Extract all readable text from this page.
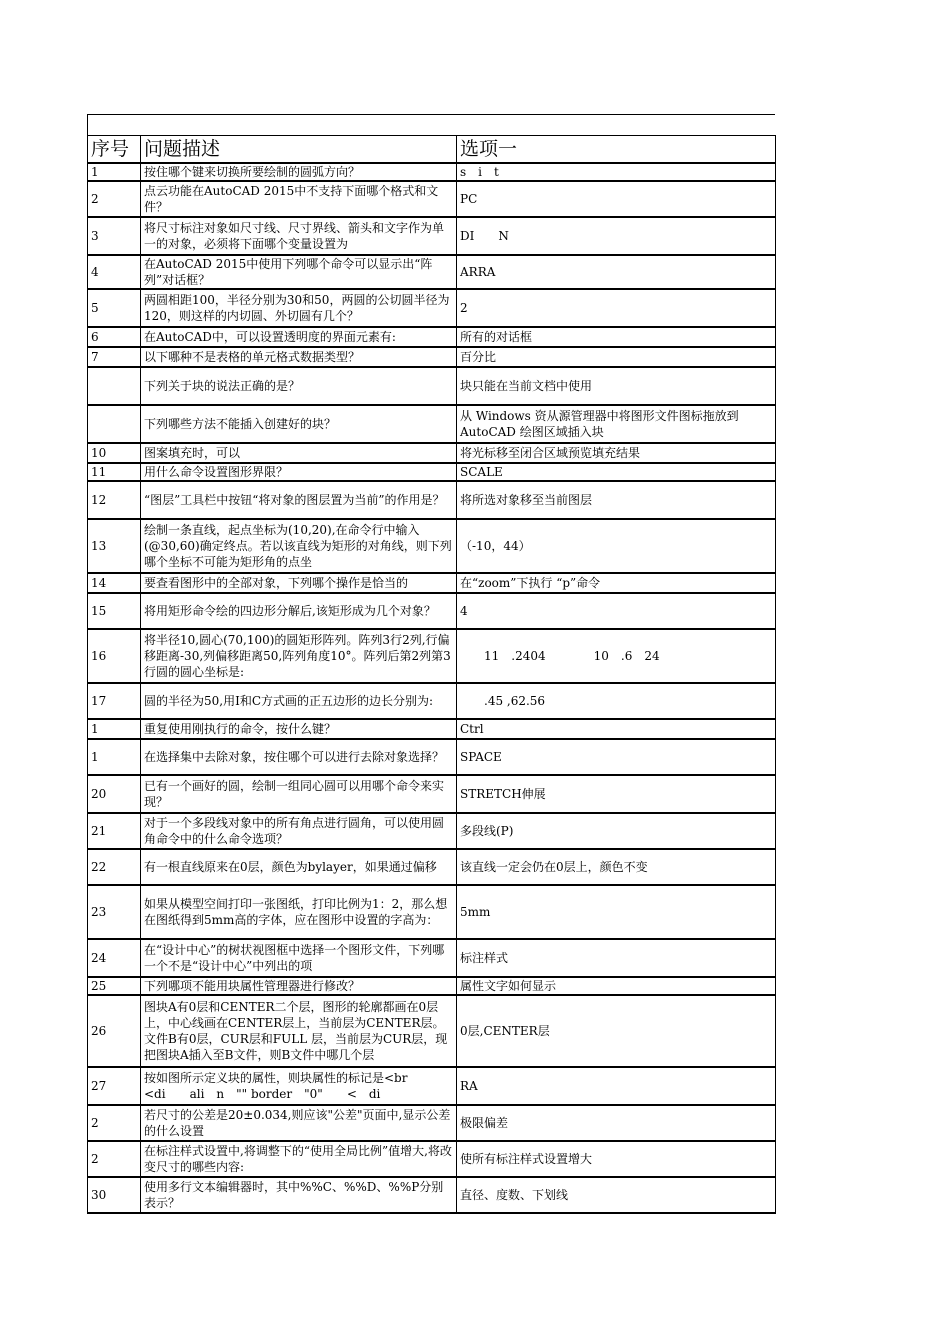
序号	问题描述	选项一
1	按住哪个键来切换所要绘制的圆弧方向？	s　i　t
2	点云功能在AutoCAD 2015中不支持下面哪个格式和文件？	PC
3	将尺寸标注对象如尺寸线、尺寸界线、箭头和文字作为单一的对象，必须将下面哪个变量设置为	DI　　N
4	在AutoCAD 2015中使用下列哪个命令可以显示出“阵列”对话框？	ARRA
5	两圆相距100，半径分别为30和50，两圆的公切圆半径为120，则这样的内切圆、外切圆有几个？	2
6	在AutoCAD中，可以设置透明度的界面元素有:	所有的对话框
7	以下哪种不是表格的单元格式数据类型？	百分比
	下列关于块的说法正确的是？	块只能在当前文档中使用
	下列哪些方法不能插入创建好的块？	从 Windows 资从源管理器中将图形文件图标拖放到 AutoCAD 绘图区域插入块
10	图案填充时，可以	将光标移至闭合区域预览填充结果
11	用什么命令设置图形界限？	SCALE
12	“图层”工具栏中按钮“将对象的图层置为当前”的作用是？	将所选对象移至当前图层
13	绘制一条直线，起点坐标为(10,20),在命令行中输入(@30,60)确定终点。若以该直线为矩形的对角线，则下列哪个坐标不可能为矩形角的点坐	（-10，44）
14	要查看图形中的全部对象，下列哪个操作是恰当的	在“zoom”下执行 “p”命令
15	将用矩形命令绘的四边形分解后,该矩形成为几个对象？	4
16	将半径10,圆心(70,100)的圆矩形阵列。阵列3行2列,行偏移距离-30,列偏移距离50,阵列角度10°。阵列后第2列第3行圆的圆心坐标是:	　　11　.2404　　　　10　.6　24
17	圆的半径为50,用I和C方式画的正五边形的边长分别为:	　　.45 ,62.56
1	重复使用刚执行的命令，按什么键？	Ctrl
1	在选择集中去除对象，按住哪个可以进行去除对象选择？	SPACE
20	已有一个画好的圆，绘制一组同心圆可以用哪个命令来实现？	STRETCH伸展
21	对于一个多段线对象中的所有角点进行圆角，可以使用圆角命令中的什么命令选项？	多段线(P)
22	有一根直线原来在0层，颜色为bylayer，如果通过偏移	该直线一定会仍在0层上，颜色不变
23	如果从模型空间打印一张图纸，打印比例为1：2，那么想在图纸得到5mm高的字体，应在图形中设置的字高为：	5mm
24	在“设计中心”的树状视图框中选择一个图形文件，下列哪一个不是“设计中心”中列出的项	标注样式
25	下列哪项不能用块属性管理器进行修改？	属性文字如何显示
26	图块A有0层和CENTER二个层，图形的轮廓都画在0层上，中心线画在CENTER层上，当前层为CENTER层。文件B有0层，CUR层和FULL 层，当前层为CUR层，现把图块A插入至B文件，则B文件中哪几个层	0层,CENTER层
27	按如图所示定义块的属性，则块属性的标记是<br　　<di　　ali　n　"" border　"0"　　<　di	RA
2	若尺寸的公差是20±0.034,则应该"公差"页面中,显示公差的什么设置	极限偏差
2	在标注样式设置中,将调整下的“使用全局比例”值增大,将改变尺寸的哪些内容:	使所有标注样式设置增大
30	使用多行文本编辑器时，其中%%C、%%D、%%P分别表示？	直径、度数、下划线
